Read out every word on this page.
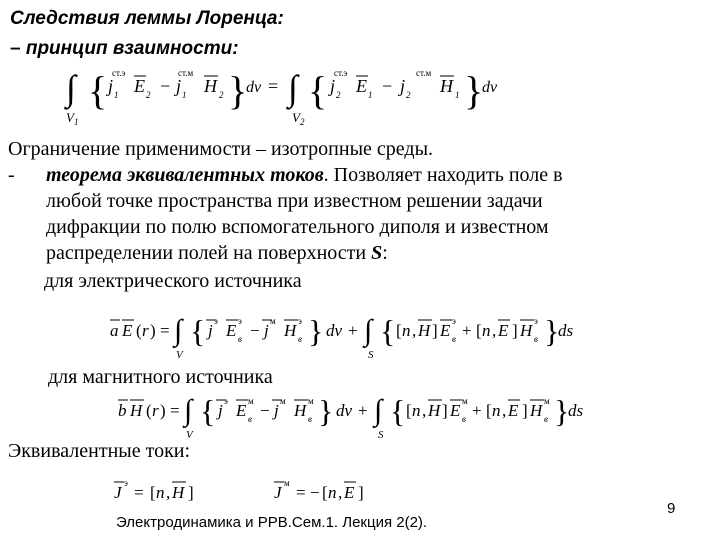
Следствия леммы Лоренца:
– принцип взаимности:
∫
V 1
{ j 1
ст.э
E 2 − j 1
ст.м
H 2 }
dv = ∫
V 2
{ j 2
ст.э
E 1 − j 2
ст.м
H 1 }
dv
Ограничение применимости – изотропные среды.
- теорема эквивалентных токов. Позволяет находить поле в
любой точке пространства при известном решении задачи
дифракции по полю вспомогательного диполя и известном
распределении полей на поверхности S:
для электрического источника
a E ( r ) = ∫
V
{ j э E в
э − j м H в
э } dv + ∫
S
{ [ n , H ] E в
э + [ n , E ] H в
э }
ds
для магнитного источника
b H ( r ) = ∫
V
{ j э E в
м − j м H в
м } dv + ∫
S
{ [ n , H ] E в
м + [ n , E ] H в
м }
ds
Эквивалентные токи:
J э = [ n , H ]	J м = − [ n , E ]
Электродинамика и РРВ.Сем.1. Лекция 2(2).
9
